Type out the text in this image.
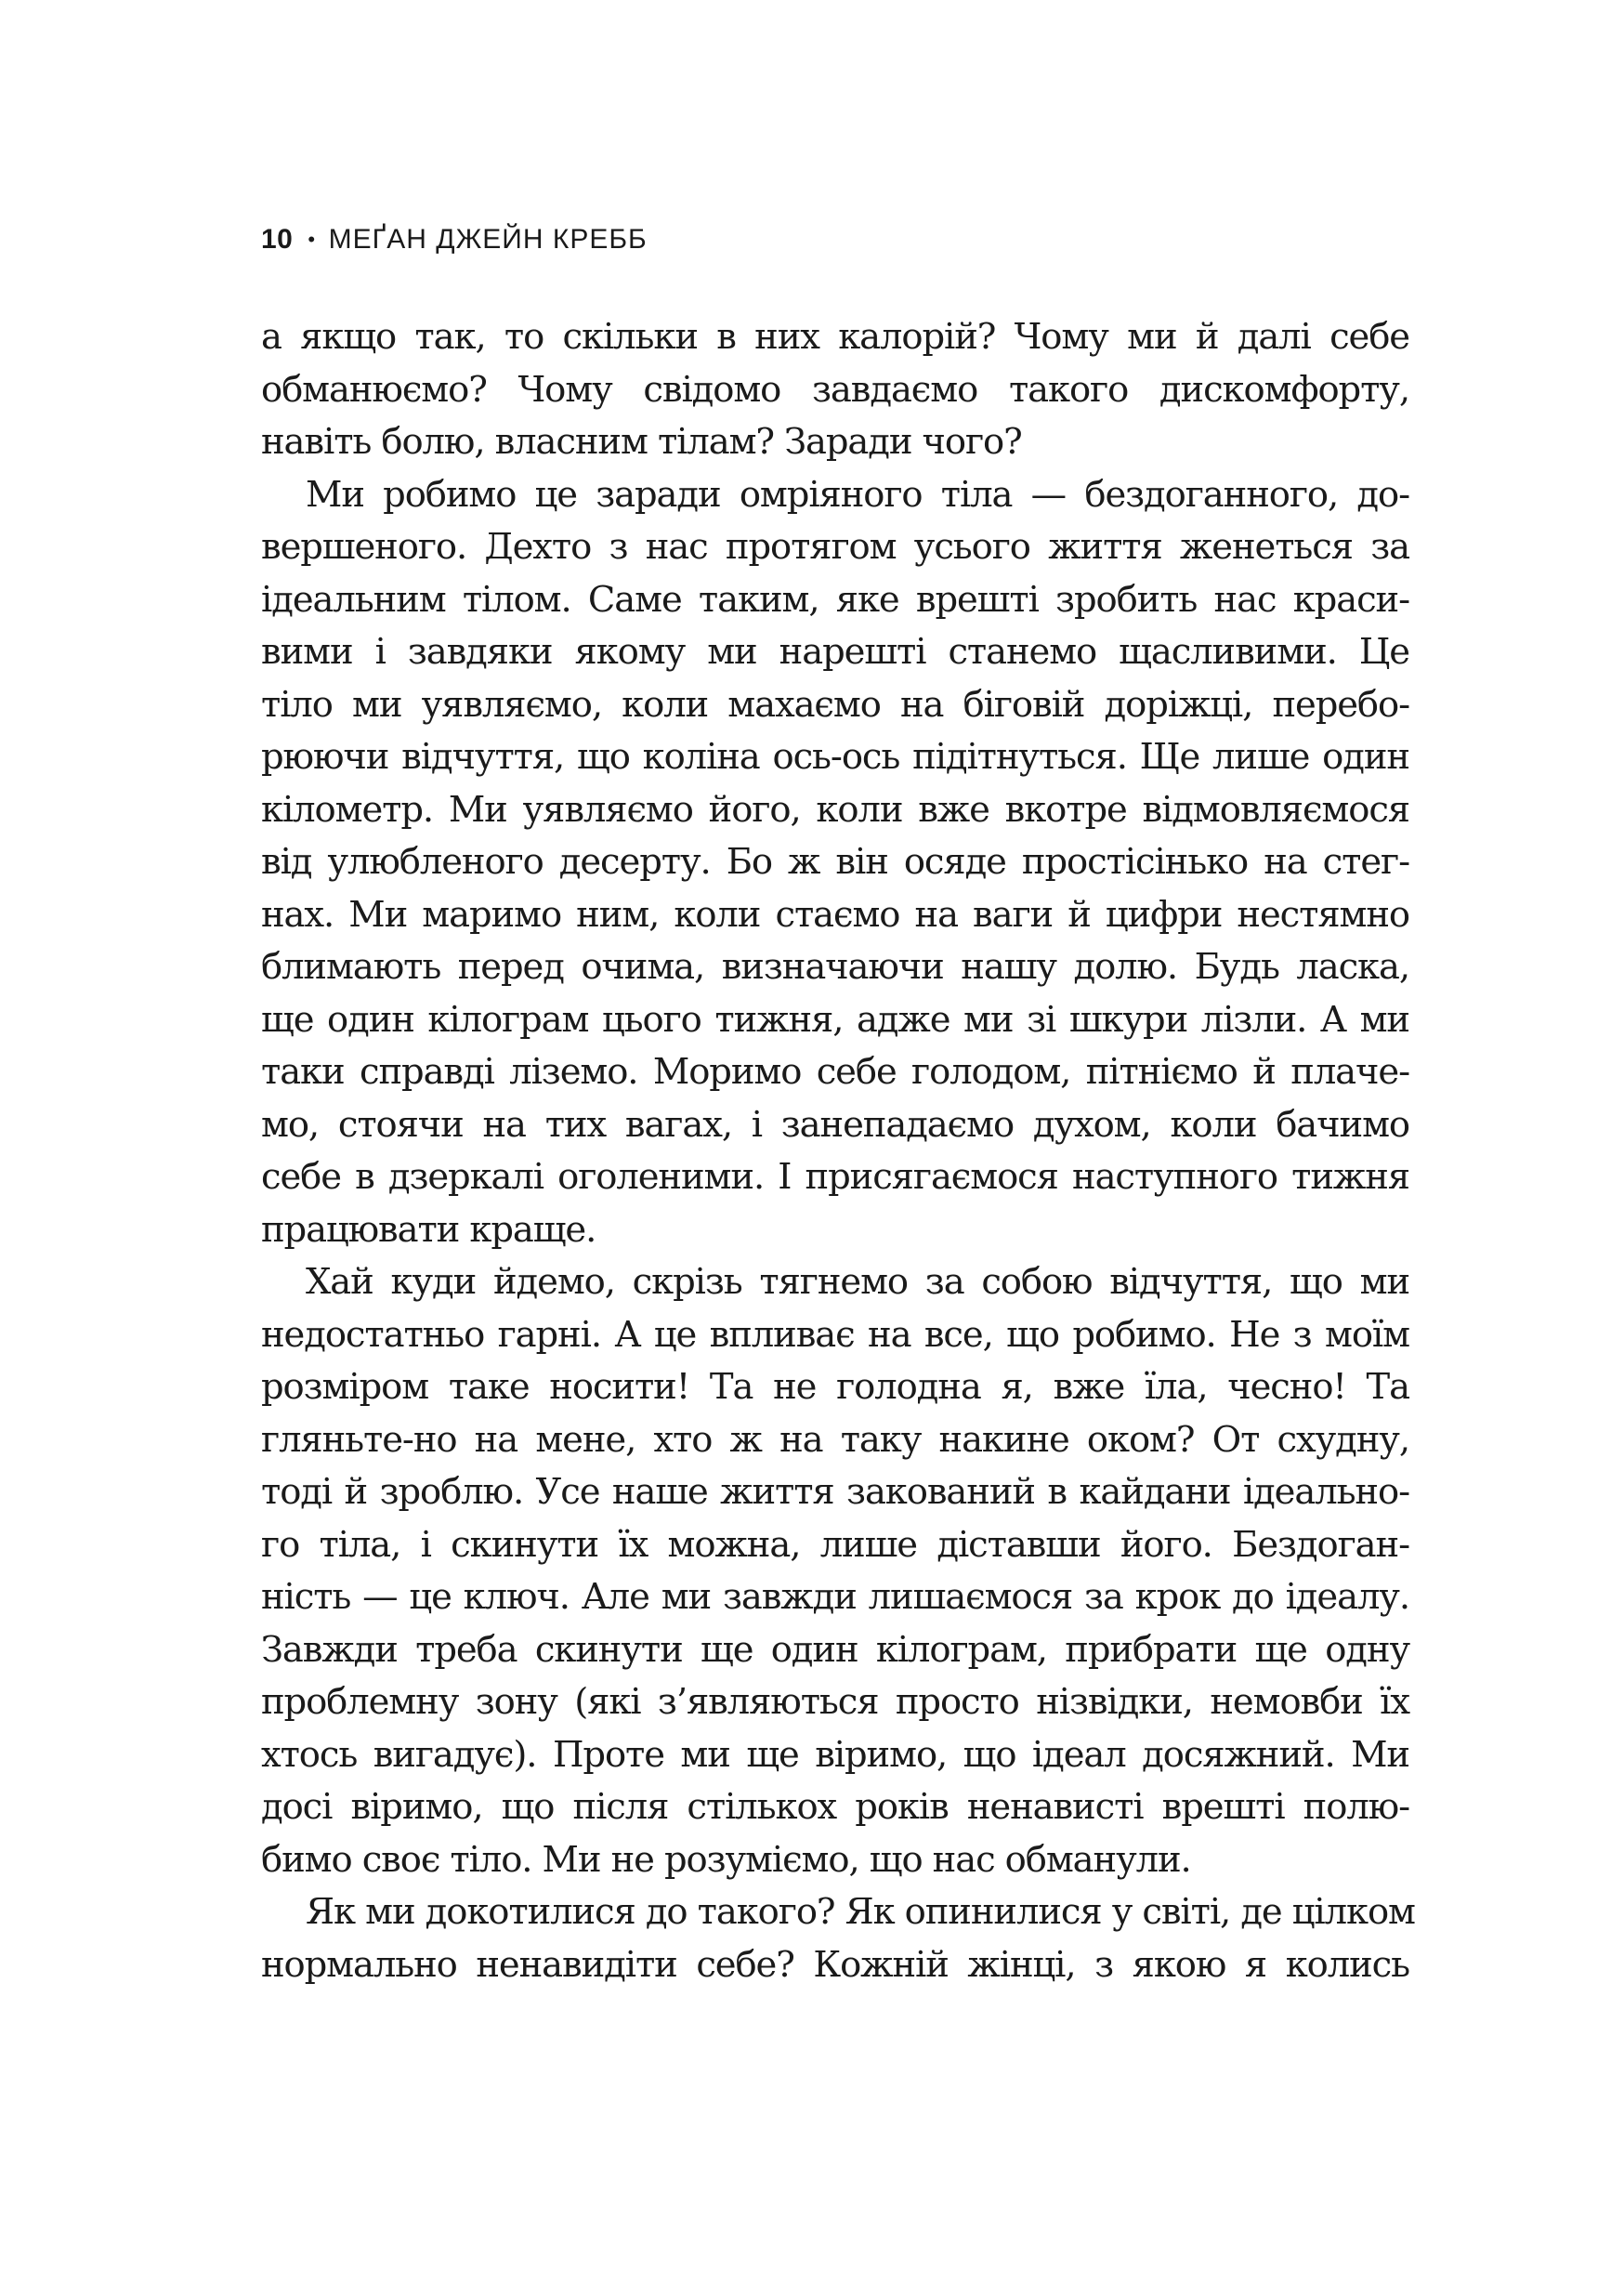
10 • МЕҐАН ДЖЕЙН КРЕББ
а якщо так, то скільки в них калорій? Чому ми й далі себе
обманюємо? Чому свідомо завдаємо такого дискомфорту,
навіть болю, власним тілам? Заради чого?
Ми робимо це заради омріяного тіла — бездоганного, до-
вершеного. Дехто з нас протягом усього життя женеться за
ідеальним тілом. Саме таким, яке врешті зробить нас краси-
вими і завдяки якому ми нарешті станемо щасливими. Це
тіло ми уявляємо, коли махаємо на біговій доріжці, перебо-
рюючи відчуття, що коліна ось-ось підітнуться. Ще лише один
кілометр. Ми уявляємо його, коли вже вкотре відмовляємося
від улюбленого десерту. Бо ж він осяде простісінько на стег-
нах. Ми маримо ним, коли стаємо на ваги й цифри нестямно
блимають перед очима, визначаючи нашу долю. Будь ласка,
ще один кілограм цього тижня, адже ми зі шкури лізли. А ми
таки справді ліземо. Моримо себе голодом, пітніємо й плаче-
мо, стоячи на тих вагах, і занепадаємо духом, коли бачимо
себе в дзеркалі оголеними. І присягаємося наступного тижня
працювати краще.
Хай куди йдемо, скрізь тягнемо за собою відчуття, що ми
недостатньо гарні. А це впливає на все, що робимо. Не з моїм
розміром таке носити! Та не голодна я, вже їла, чесно! Та
гляньте-но на мене, хто ж на таку накине оком? От схудну,
тоді й зроблю. Усе наше життя закований в кайдани ідеально-
го тіла, і скинути їх можна, лише діставши його. Бездоган-
ність — це ключ. Але ми завжди лишаємося за крок до ідеалу.
Завжди треба скинути ще один кілограм, прибрати ще одну
проблемну зону (які з’являються просто нізвідки, немовби їх
хтось вигадує). Проте ми ще віримо, що ідеал досяжний. Ми
досі віримо, що після стількох років ненависті врешті полю-
бимо своє тіло. Ми не розуміємо, що нас обманули.
Як ми докотилися до такого? Як опинилися у світі, де цілком
нормально ненавидіти себе? Кожній жінці, з якою я колись
